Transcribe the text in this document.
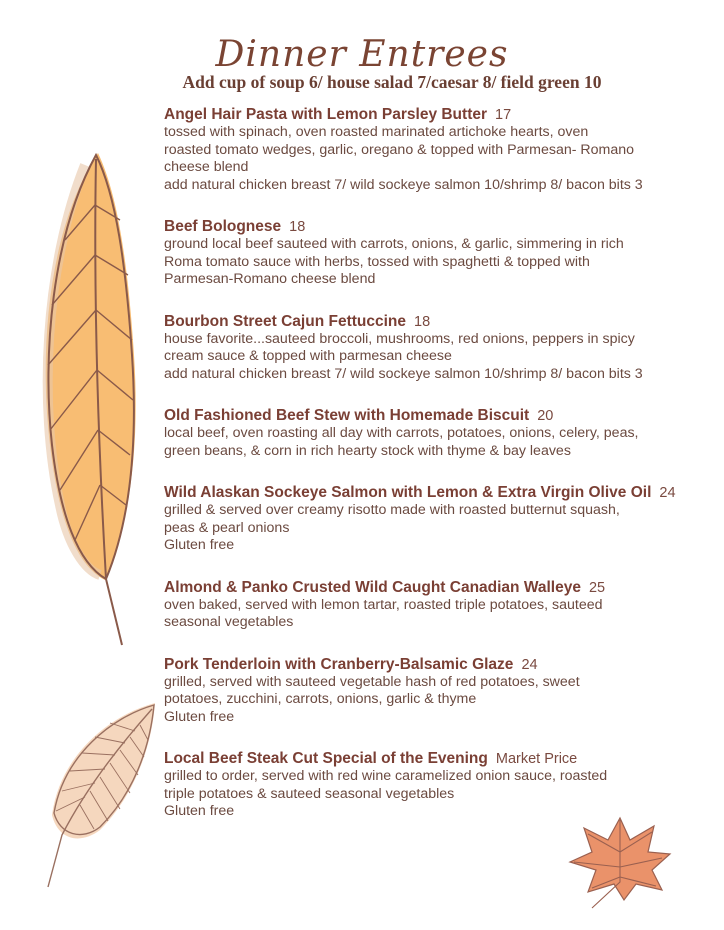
Dinner Entrees
Add cup of soup 6/ house salad 7/caesar 8/ field green 10
Angel Hair Pasta with Lemon Parsley Butter 17
tossed with spinach, oven roasted marinated artichoke hearts, oven
roasted tomato wedges, garlic, oregano & topped with Parmesan- Romano
cheese blend
add natural chicken breast 7/ wild sockeye salmon 10/shrimp 8/ bacon bits 3
Beef Bolognese 18
ground local beef sauteed with carrots, onions, & garlic, simmering in rich
Roma tomato sauce with herbs, tossed with spaghetti & topped with
Parmesan-Romano cheese blend
Bourbon Street Cajun Fettuccine 18
house favorite...sauteed broccoli, mushrooms, red onions, peppers in spicy
cream sauce & topped with parmesan cheese
add natural chicken breast 7/ wild sockeye salmon 10/shrimp 8/ bacon bits 3
Old Fashioned Beef Stew with Homemade Biscuit 20
local beef, oven roasting all day with carrots, potatoes, onions, celery, peas,
green beans, & corn in rich hearty stock with thyme & bay leaves
Wild Alaskan Sockeye Salmon with Lemon & Extra Virgin Olive Oil 24
grilled & served over creamy risotto made with roasted butternut squash,
peas & pearl onions
Gluten free
Almond & Panko Crusted Wild Caught Canadian Walleye 25
oven baked, served with lemon tartar, roasted triple potatoes, sauteed
seasonal vegetables
Pork Tenderloin with Cranberry-Balsamic Glaze 24
grilled, served with sauteed vegetable hash of red potatoes, sweet
potatoes, zucchini, carrots, onions, garlic & thyme
Gluten free
Local Beef Steak Cut Special of the Evening Market Price
grilled to order, served with red wine caramelized onion sauce, roasted
triple potatoes & sauteed seasonal vegetables
Gluten free
